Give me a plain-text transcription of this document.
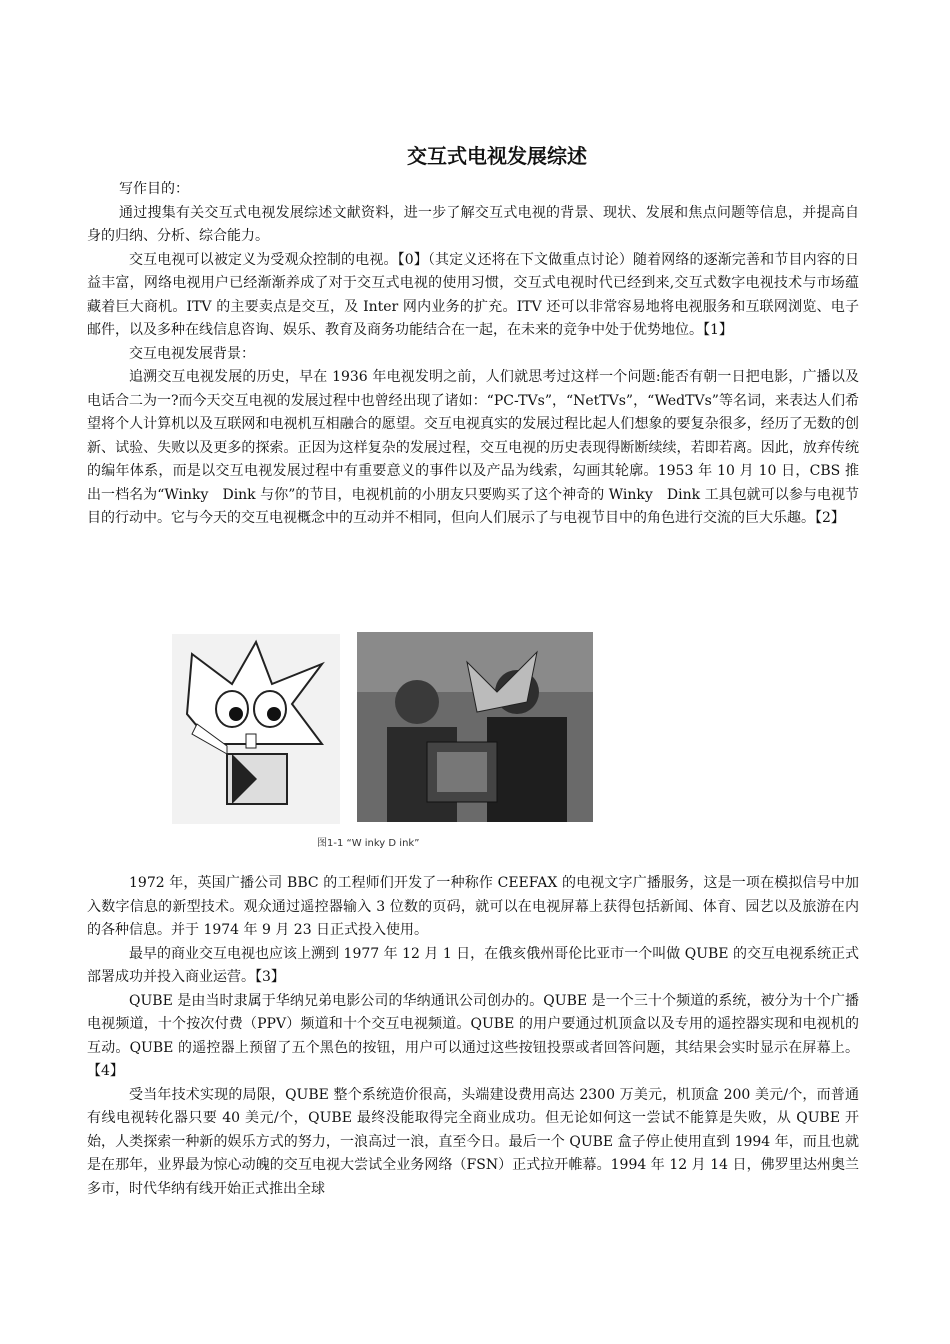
交互式电视发展综述

写作目的：

通过搜集有关交互式电视发展综述文献资料，进一步了解交互式电视的背景、现状、发展和焦点问题等信息，并提高自身的归纳、分析、综合能力。

交互电视可以被定义为受观众控制的电视。【0】（其定义还将在下文做重点讨论）随着网络的逐渐完善和节目内容的日益丰富，网络电视用户已经渐渐养成了对于交互式电视的使用习惯，交互式电视时代已经到来,交互式数字电视技术与市场蕴藏着巨大商机。ITV 的主要卖点是交互，及 Inter 网内业务的扩充。ITV 还可以非常容易地将电视服务和互联网浏览、电子邮件，以及多种在线信息咨询、娱乐、教育及商务功能结合在一起，在未来的竞争中处于优势地位。【1】

交互电视发展背景：

追溯交互电视发展的历史，早在 1936 年电视发明之前，人们就思考过这样一个问题:能否有朝一日把电影，广播以及电话合二为一?而今天交互电视的发展过程中也曾经出现了诸如：“PC-TVs”，“NetTVs”，“WedTVs”等名词，来表达人们希望将个人计算机以及互联网和电视机互相融合的愿望。交互电视真实的发展过程比起人们想象的要复杂很多，经历了无数的创新、试验、失败以及更多的探索。正因为这样复杂的发展过程，交互电视的历史表现得断断续续，若即若离。因此，放弃传统的编年体系，而是以交互电视发展过程中有重要意义的事件以及产品为线索，勾画其轮廓。1953 年 10 月 10 日，CBS 推出一档名为“Winky　Dink 与你”的节目，电视机前的小朋友只要购买了这个神奇的 Winky　Dink 工具包就可以参与电视节目的行动中。它与今天的交互电视概念中的互动并不相同，但向人们展示了与电视节目中的角色进行交流的巨大乐趣。【2】

图1-1 “W inky D ink”

1972 年，英国广播公司 BBC 的工程师们开发了一种称作 CEEFAX 的电视文字广播服务，这是一项在模拟信号中加入数字信息的新型技术。观众通过遥控器输入 3 位数的页码，就可以在电视屏幕上获得包括新闻、体育、园艺以及旅游在内的各种信息。并于 1974 年 9 月 23 日正式投入使用。

最早的商业交互电视也应该上溯到 1977 年 12 月 1 日，在俄亥俄州哥伦比亚市一个叫做 QUBE 的交互电视系统正式部署成功并投入商业运营。【3】

QUBE 是由当时隶属于华纳兄弟电影公司的华纳通讯公司创办的。QUBE 是一个三十个频道的系统，被分为十个广播电视频道，十个按次付费（PPV）频道和十个交互电视频道。QUBE 的用户要通过机顶盒以及专用的遥控器实现和电视机的互动。QUBE 的遥控器上预留了五个黑色的按钮，用户可以通过这些按钮投票或者回答问题，其结果会实时显示在屏幕上。【4】

受当年技术实现的局限，QUBE 整个系统造价很高，头端建设费用高达 2300 万美元，机顶盒 200 美元/个，而普通有线电视转化器只要 40 美元/个，QUBE 最终没能取得完全商业成功。但无论如何这一尝试不能算是失败，从 QUBE 开始，人类探索一种新的娱乐方式的努力，一浪高过一浪，直至今日。最后一个 QUBE 盒子停止使用直到 1994 年，而且也就是在那年，业界最为惊心动魄的交互电视大尝试全业务网络（FSN）正式拉开帷幕。1994 年 12 月 14 日，佛罗里达州奥兰多市，时代华纳有线开始正式推出全球
